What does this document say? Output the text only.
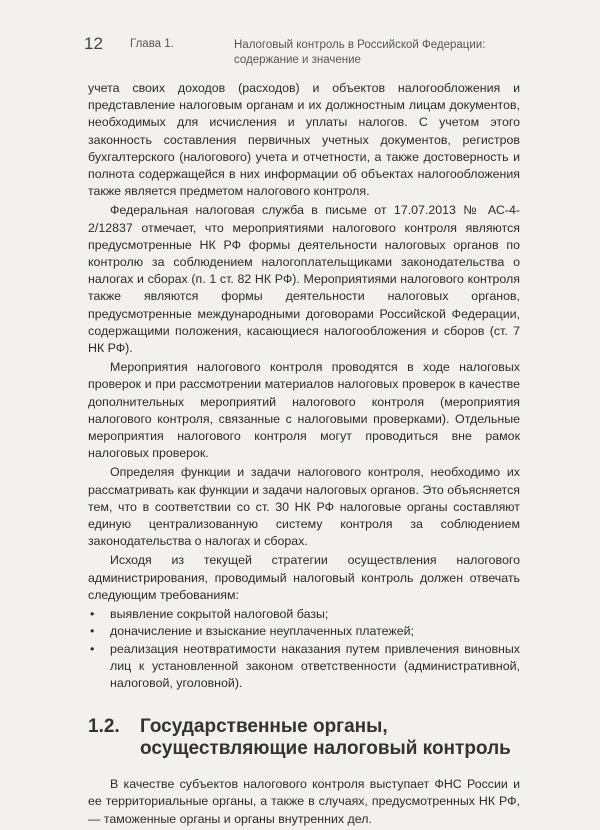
12 Глава 1.	Налоговый контроль в Российской Федерации:
содержание и значение

учета своих доходов (расходов) и объектов налогообложения и представление налоговым органам и их должностным лицам документов, необходимых для исчисления и уплаты налогов. С учетом этого законность составления первичных учетных документов, регистров бухгалтерского (налогового) учета и отчетности, а также достоверность и полнота содержащейся в них информации об объектах налогообложения также является предметом налогового контроля.

Федеральная налоговая служба в письме от 17.07.2013 № АС-4-2/12837 отмечает, что мероприятиями налогового контроля являются предусмотренные НК РФ формы деятельности налоговых органов по контролю за соблюдением налогоплательщиками законодательства о налогах и сборах (п. 1 ст. 82 НК РФ). Мероприятиями налогового контроля также являются формы деятельности налоговых органов, предусмотренные международными договорами Российской Федерации, содержащими положения, касающиеся налогообложения и сборов (ст. 7 НК РФ).

Мероприятия налогового контроля проводятся в ходе налоговых проверок и при рассмотрении материалов налоговых проверок в качестве дополнительных мероприятий налогового контроля (мероприятия налогового контроля, связанные с налоговыми проверками). Отдельные мероприятия налогового контроля могут проводиться вне рамок налоговых проверок.

Определяя функции и задачи налогового контроля, необходимо их рассматривать как функции и задачи налоговых органов. Это объясняется тем, что в соответствии со ст. 30 НК РФ налоговые органы составляют единую централизованную систему контроля за соблюдением законодательства о налогах и сборах.

Исходя из текущей стратегии осуществления налогового администрирования, проводимый налоговый контроль должен отвечать следующим требованиям:

• выявление сокрытой налоговой базы;
• доначисление и взыскание неуплаченных платежей;
• реализация неотвратимости наказания путем привлечения виновных лиц к установленной законом ответственности (административной, налоговой, уголовной).
1.2.	Государственные органы,
осуществляющие налоговый контроль

В качестве субъектов налогового контроля выступает ФНС России и ее территориальные органы, а также в случаях, предусмотренных НК РФ, — таможенные органы и органы внутренних дел.
